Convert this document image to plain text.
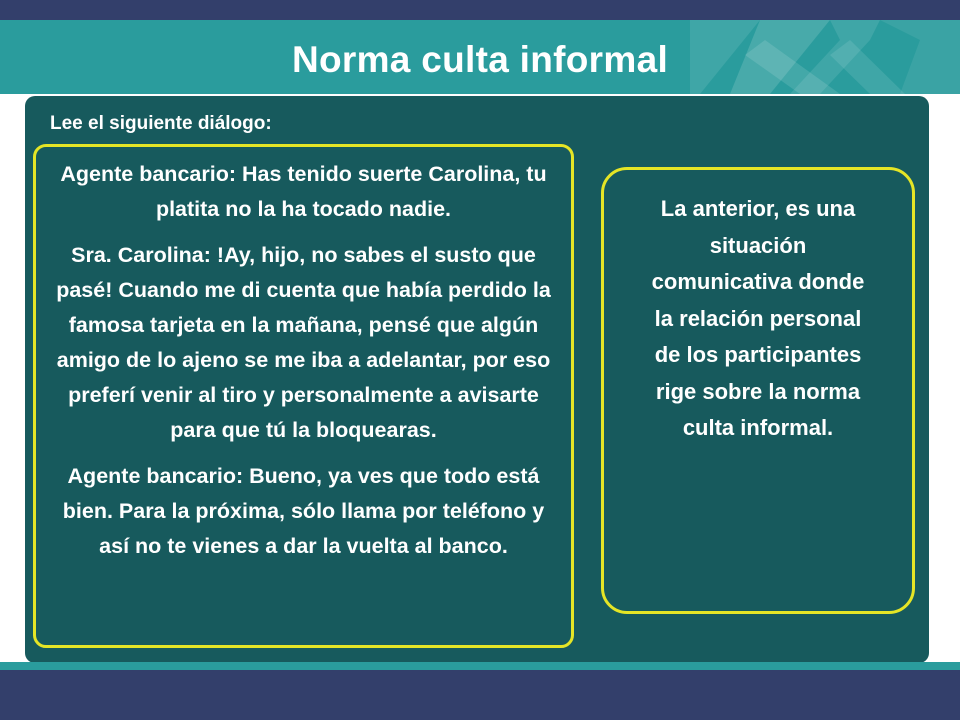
Norma culta informal

Lee el siguiente diálogo:

Agente bancario: Has tenido suerte Carolina, tu platita no la ha tocado nadie.

Sra. Carolina: !Ay, hijo, no sabes el susto que pasé! Cuando me di cuenta que había perdido la famosa tarjeta en la mañana, pensé que algún amigo de lo ajeno se me iba a adelantar, por eso preferí venir al tiro y personalmente a avisarte para que tú la bloquearas.

Agente bancario: Bueno, ya ves que todo está bien. Para la próxima, sólo llama por teléfono y así no te vienes a dar la vuelta al banco.

La anterior, es una situación comunicativa donde la relación personal de los participantes rige sobre la norma culta informal.
